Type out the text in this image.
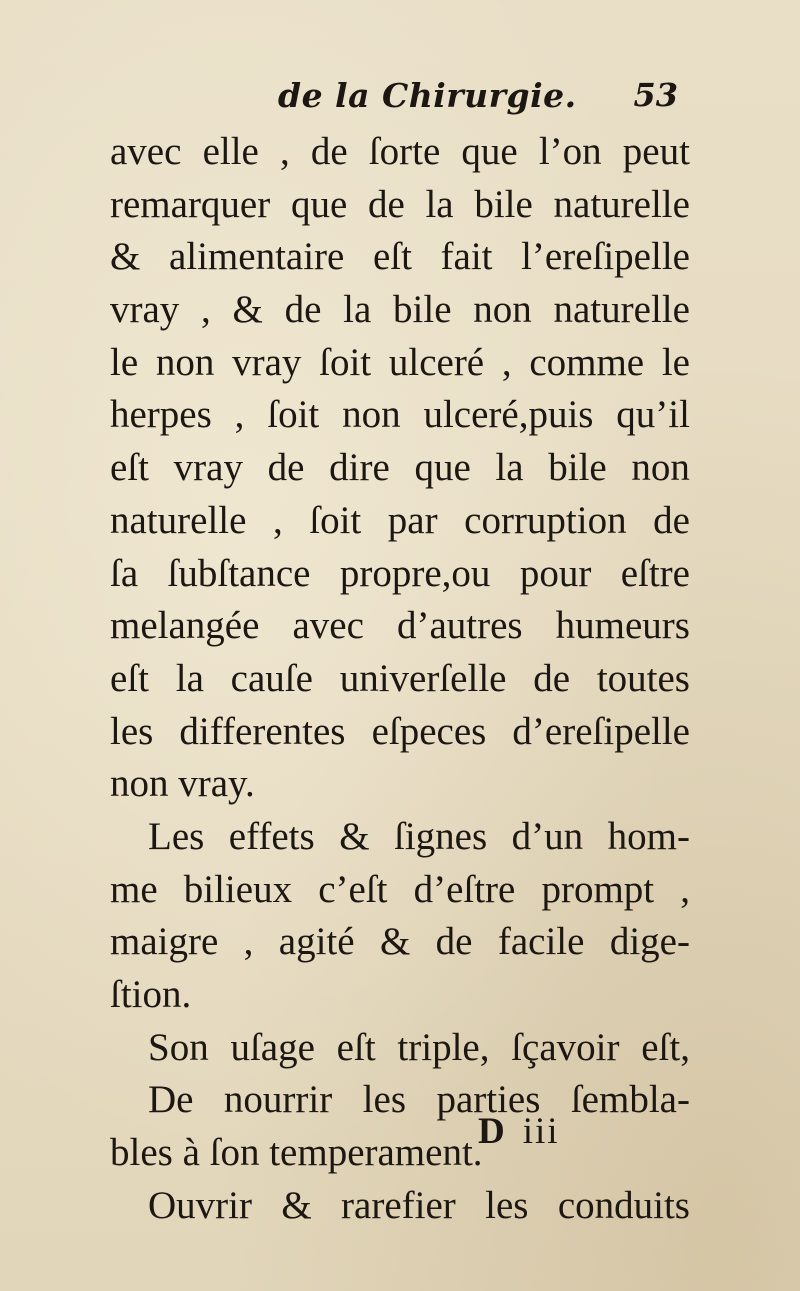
de la Chirurgie. 53
avec elle , de ſorte que l’on peut
remarquer que de la bile naturelle
& alimentaire eſt fait l’ereſipelle
vray , & de la bile non naturelle
le non vray ſoit ulceré , comme le
herpes , ſoit non ulceré,puis qu’il
eſt vray de dire que la bile non
naturelle , ſoit par corruption de
ſa ſubſtance propre,ou pour eſtre
melangée avec d’autres humeurs
eſt la cauſe univerſelle de toutes
les differentes eſpeces d’ereſipelle
non vray.
Les effets & ſignes d’un hom-
me bilieux c’eſt d’eſtre prompt ,
maigre , agité & de facile dige-
ſtion.
Son uſage eſt triple, ſçavoir eſt,
De nourrir les parties ſembla-
bles à ſon temperament.
Ouvrir & rarefier les conduits
D iii
